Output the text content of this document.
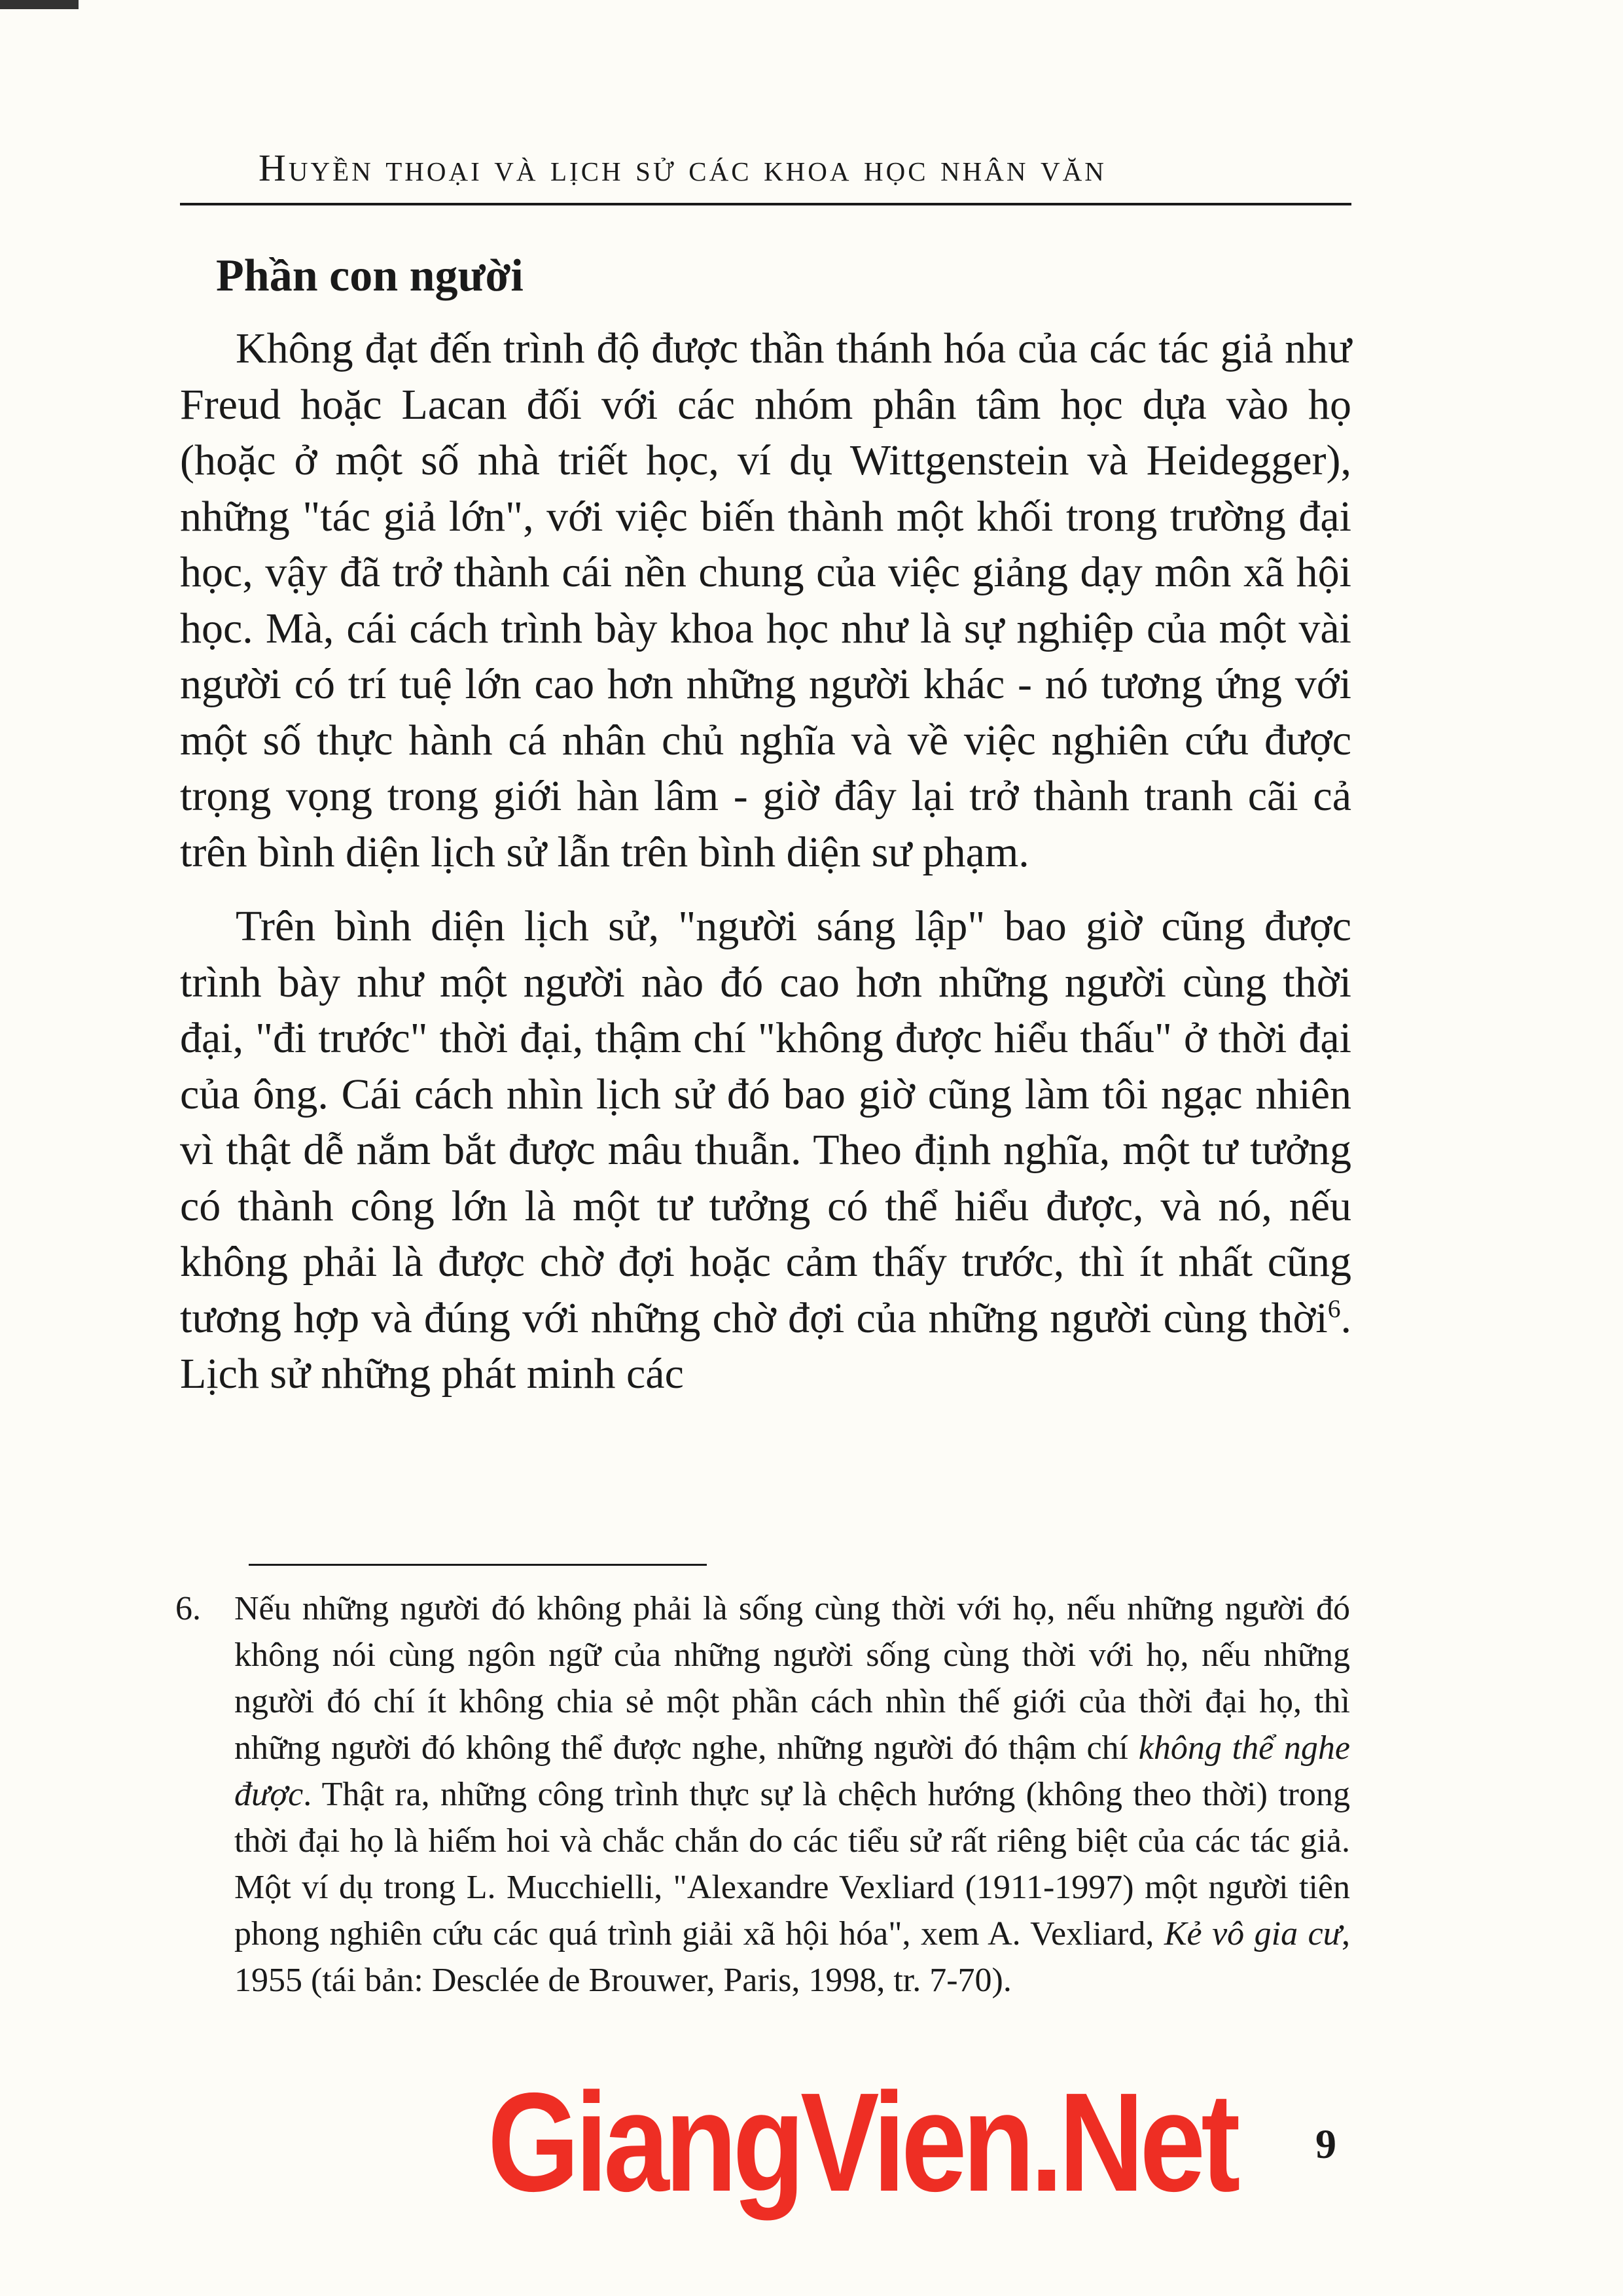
Huyền thoại và lịch sử các khoa học nhân văn
Phần con người

Không đạt đến trình độ được thần thánh hóa của các tác giả như Freud hoặc Lacan đối với các nhóm phân tâm học dựa vào họ (hoặc ở một số nhà triết học, ví dụ Wittgenstein và Heidegger), những "tác giả lớn", với việc biến thành một khối trong trường đại học, vậy đã trở thành cái nền chung của việc giảng dạy môn xã hội học. Mà, cái cách trình bày khoa học như là sự nghiệp của một vài người có trí tuệ lớn cao hơn những người khác - nó tương ứng với một số thực hành cá nhân chủ nghĩa và về việc nghiên cứu được trọng vọng trong giới hàn lâm - giờ đây lại trở thành tranh cãi cả trên bình diện lịch sử lẫn trên bình diện sư phạm.

Trên bình diện lịch sử, "người sáng lập" bao giờ cũng được trình bày như một người nào đó cao hơn những người cùng thời đại, "đi trước" thời đại, thậm chí "không được hiểu thấu" ở thời đại của ông. Cái cách nhìn lịch sử đó bao giờ cũng làm tôi ngạc nhiên vì thật dễ nắm bắt được mâu thuẫn. Theo định nghĩa, một tư tưởng có thành công lớn là một tư tưởng có thể hiểu được, và nó, nếu không phải là được chờ đợi hoặc cảm thấy trước, thì ít nhất cũng tương hợp và đúng với những chờ đợi của những người cùng thời$^6$. Lịch sử những phát minh các

6. Nếu những người đó không phải là sống cùng thời với họ, nếu những người đó không nói cùng ngôn ngữ của những người sống cùng thời với họ, nếu những người đó chí ít không chia sẻ một phần cách nhìn thế giới của thời đại họ, thì những người đó không thể được nghe, những người đó thậm chí không thể nghe được. Thật ra, những công trình thực sự là chệch hướng (không theo thời) trong thời đại họ là hiếm hoi và chắc chắn do các tiểu sử rất riêng biệt của các tác giả. Một ví dụ trong L. Mucchielli, "Alexandre Vexliard (1911-1997) một người tiên phong nghiên cứu các quá trình giải xã hội hóa", xem A. Vexliard, Kẻ vô gia cư, 1955 (tái bản: Desclée de Brouwer, Paris, 1998, tr. 7-70).

GiangVien.Net 9
